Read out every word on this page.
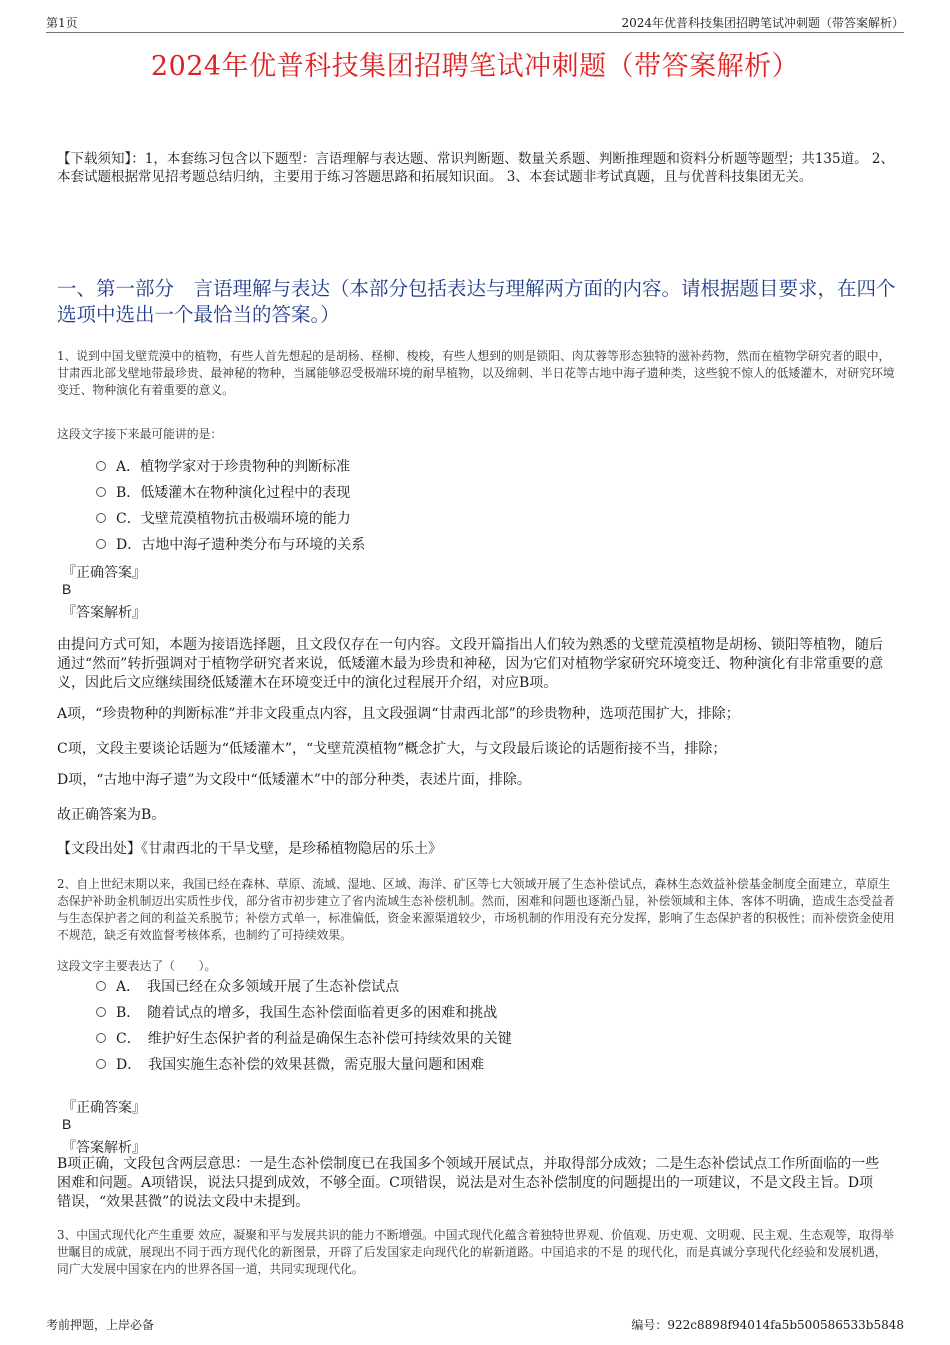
第1页	2024年优普科技集团招聘笔试冲刺题（带答案解析）
2024年优普科技集团招聘笔试冲刺题（带答案解析）
【下载须知】：1，本套练习包含以下题型：言语理解与表达题、常识判断题、数量关系题、判断推理题和资料分析题等题型；共135道。 2、本套试题根据常见招考题总结归纳，主要用于练习答题思路和拓展知识面。 3、本套试题非考试真题，且与优普科技集团无关。
一、第一部分　言语理解与表达（本部分包括表达与理解两方面的内容。请根据题目要求，在四个选项中选出一个最恰当的答案。）
1、说到中国戈壁荒漠中的植物，有些人首先想起的是胡杨、柽柳、梭梭，有些人想到的则是锁阳、肉苁蓉等形态独特的滋补药物，然而在植物学研究者的眼中，甘肃西北部戈壁地带最珍贵、最神秘的物种，当属能够忍受极端环境的耐旱植物，以及绵刺、半日花等古地中海孑遗种类，这些貌不惊人的低矮灌木，对研究环境变迁、物种演化有着重要的意义。
这段文字接下来最可能讲的是：
A．植物学家对于珍贵物种的判断标准
B．低矮灌木在物种演化过程中的表现
C．戈壁荒漠植物抗击极端环境的能力
D．古地中海孑遗种类分布与环境的关系
『正确答案』
B
『答案解析』
由提问方式可知，本题为接语选择题，且文段仅存在一句内容。文段开篇指出人们较为熟悉的戈壁荒漠植物是胡杨、锁阳等植物，随后通过“然而”转折强调对于植物学研究者来说，低矮灌木最为珍贵和神秘，因为它们对植物学家研究环境变迁、物种演化有非常重要的意义，因此后文应继续围绕低矮灌木在环境变迁中的演化过程展开介绍，对应B项。
A项，“珍贵物种的判断标准”并非文段重点内容，且文段强调“甘肃西北部”的珍贵物种，选项范围扩大，排除；
C项，文段主要谈论话题为“低矮灌木”，“戈壁荒漠植物”概念扩大，与文段最后谈论的话题衔接不当，排除；
D项，“古地中海孑遗”为文段中“低矮灌木”中的部分种类，表述片面，排除。
故正确答案为B。
【文段出处】《甘肃西北的干旱戈壁，是珍稀植物隐居的乐土》
2、自上世纪末期以来，我国已经在森林、草原、流域、湿地、区域、海洋、矿区等七大领域开展了生态补偿试点，森林生态效益补偿基金制度全面建立，草原生态保护补助金机制迈出实质性步伐，部分省市初步建立了省内流域生态补偿机制。然而，困难和问题也逐渐凸显，补偿领域和主体、客体不明确，造成生态受益者与生态保护者之间的利益关系脱节；补偿方式单一，标准偏低，资金来源渠道较少，市场机制的作用没有充分发挥，影响了生态保护者的积极性；而补偿资金使用不规范，缺乏有效监督考核体系，也制约了可持续效果。
这段文字主要表达了（　　）。
A．　我国已经在众多领域开展了生态补偿试点
B．　随着试点的增多，我国生态补偿面临着更多的困难和挑战
C．　维护好生态保护者的利益是确保生态补偿可持续效果的关键
D．　我国实施生态补偿的效果甚微，需克服大量问题和困难
『正确答案』
B
『答案解析』
B项正确，文段包含两层意思：一是生态补偿制度已在我国多个领域开展试点，并取得部分成效；二是生态补偿试点工作所面临的一些困难和问题。A项错误，说法只提到成效，不够全面。C项错误，说法是对生态补偿制度的问题提出的一项建议，不是文段主旨。D项错误，“效果甚微”的说法文段中未提到。
3、中国式现代化产生重要 效应，凝聚和平与发展共识的能力不断增强。中国式现代化蕴含着独特世界观、价值观、历史观、文明观、民主观、生态观等，取得举世瞩目的成就，展现出不同于西方现代化的新图景，开辟了后发国家走向现代化的崭新道路。中国追求的不是 的现代化，而是真诚分享现代化经验和发展机遇，同广大发展中国家在内的世界各国一道，共同实现现代化。
考前押题，上岸必备	编号：922c8898f94014fa5b500586533b5848
